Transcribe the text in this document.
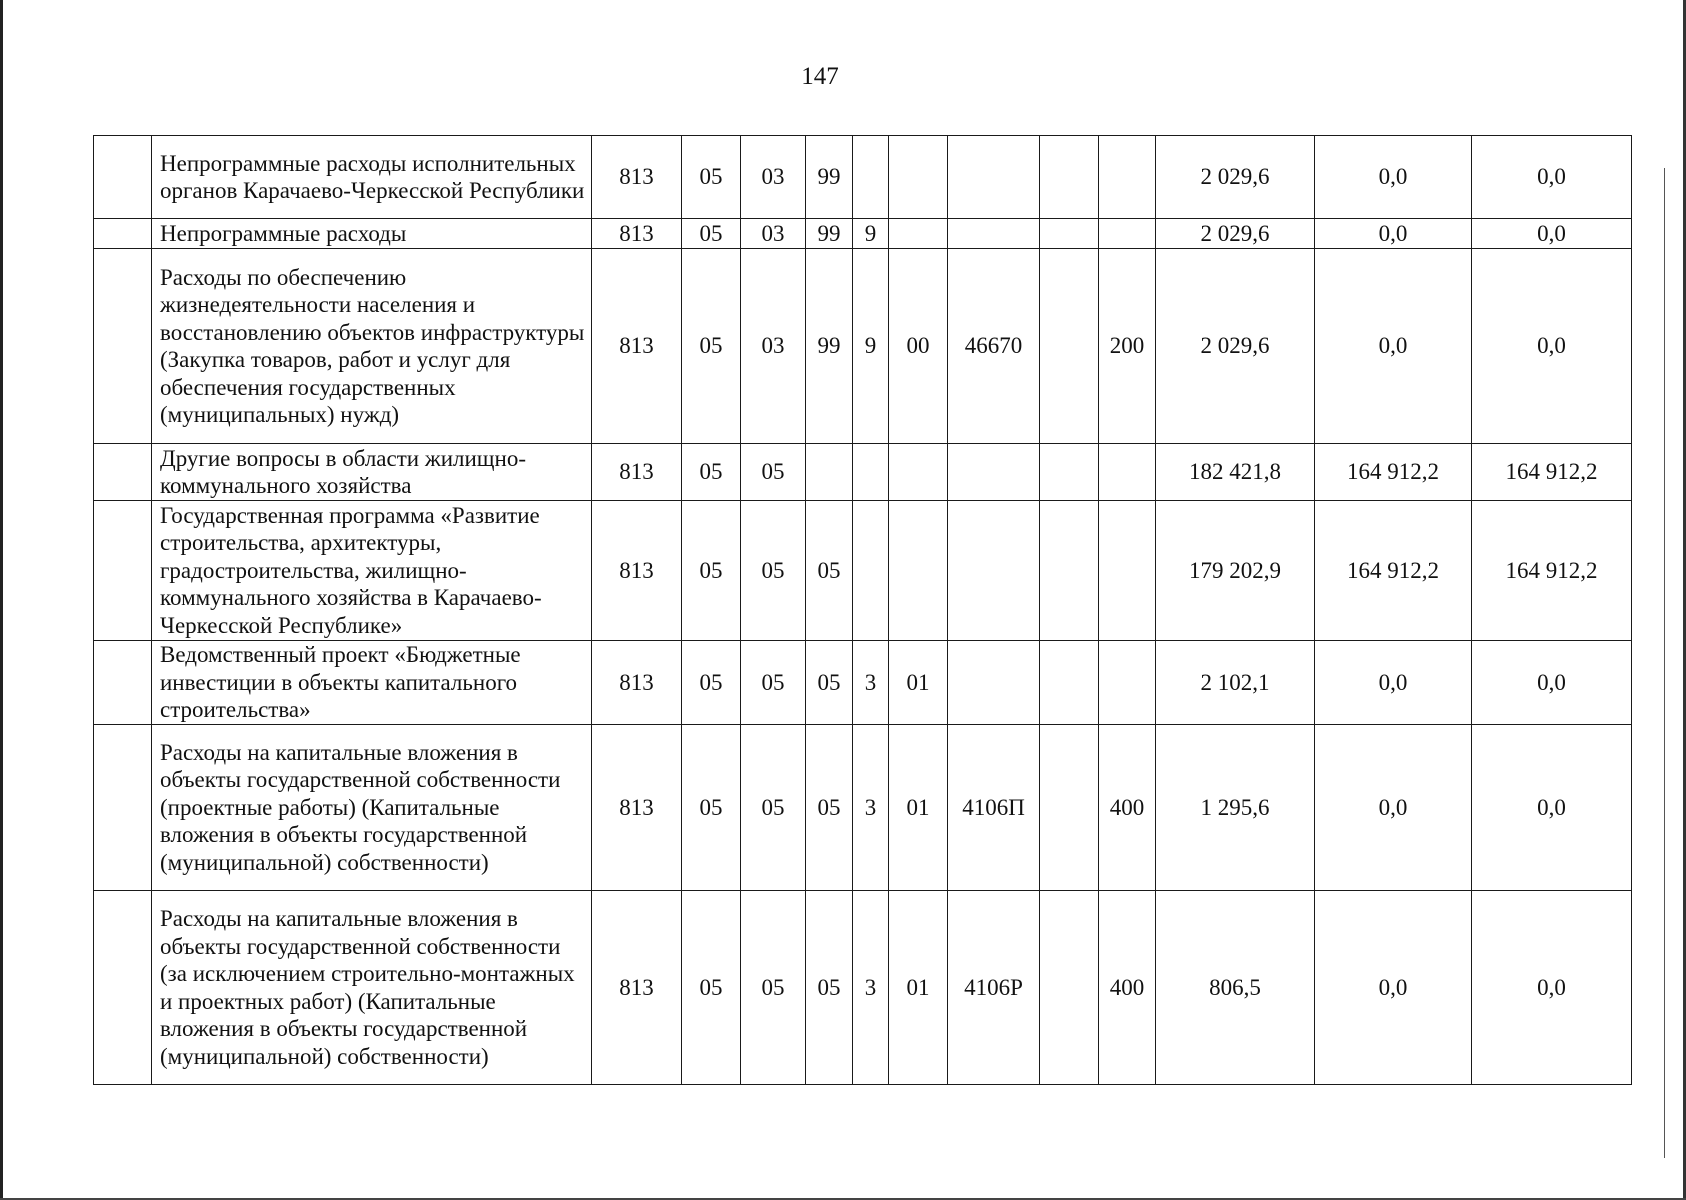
147
	Непрограммные расходы исполнительных органов Карачаево-Черкесской Республики	813	05	03	99						2 029,6	0,0	0,0
	Непрограммные расходы	813	05	03	99	9					2 029,6	0,0	0,0
	Расходы по обеспечению жизнедеятельности населения и восстановлению объектов инфраструктуры (Закупка товаров, работ и услуг для обеспечения государственных (муниципальных) нужд)	813	05	03	99	9	00	46670		200	2 029,6	0,0	0,0
	Другие вопросы в области жилищно-коммунального хозяйства	813	05	05							182 421,8	164 912,2	164 912,2
	Государственная программа «Развитие строительства, архитектуры, градостроительства, жилищно-коммунального хозяйства в Карачаево-Черкесской Республике»	813	05	05	05						179 202,9	164 912,2	164 912,2
	Ведомственный проект «Бюджетные инвестиции в объекты капитального строительства»	813	05	05	05	3	01				2 102,1	0,0	0,0
	Расходы на капитальные вложения в объекты государственной собственности (проектные работы) (Капитальные вложения в объекты государственной (муниципальной) собственности)	813	05	05	05	3	01	4106П		400	1 295,6	0,0	0,0
	Расходы на капитальные вложения в объекты государственной собственности (за исключением строительно-монтажных и проектных работ) (Капитальные вложения в объекты государственной (муниципальной) собственности)	813	05	05	05	3	01	4106Р		400	806,5	0,0	0,0
